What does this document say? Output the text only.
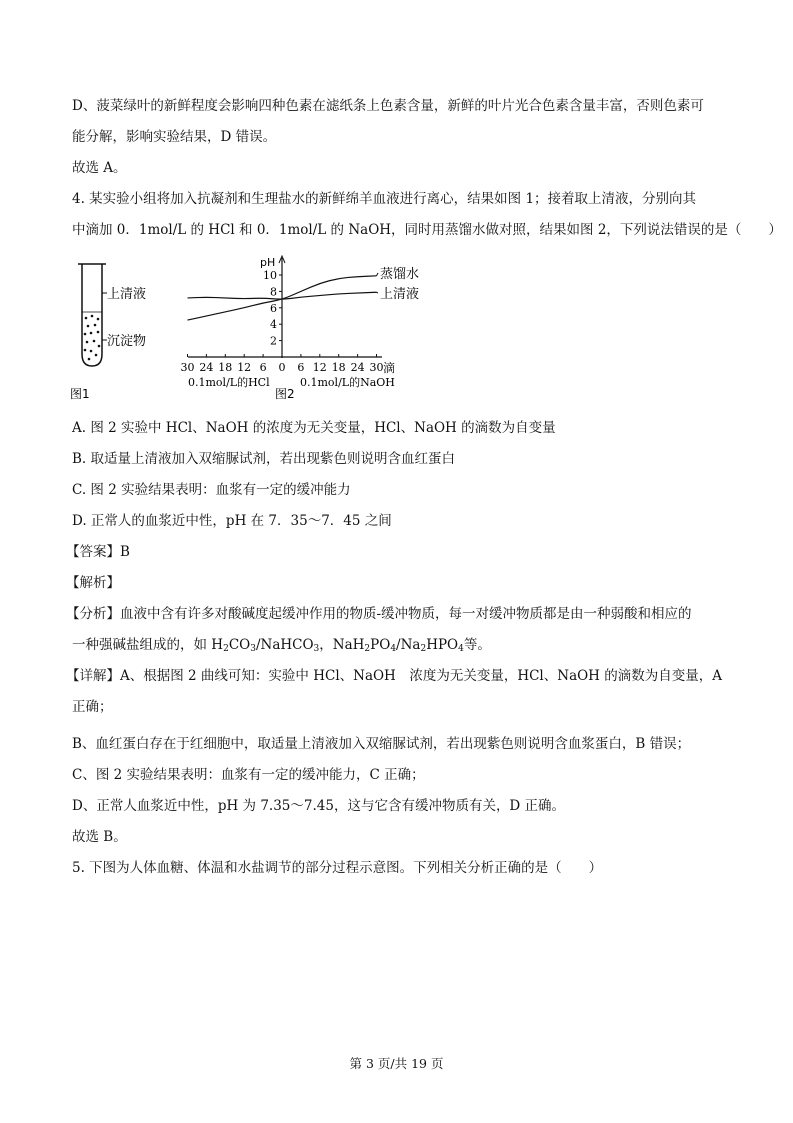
D、菠菜绿叶的新鲜程度会影响四种色素在滤纸条上色素含量，新鲜的叶片光合色素含量丰富，否则色素可

能分解，影响实验结果，D 错误。

故选 A。

4. 某实验小组将加入抗凝剂和生理盐水的新鲜绵羊血液进行离心，结果如图 1；接着取上清液，分别向其

中滴加 0．1mol/L 的 HCl 和 0．1mol/L 的 NaOH，同时用蒸馏水做对照，结果如图 2，下列说法错误的是（　　）

上清液
沉淀物
图1
pH
10
8
6
4
2
30 24 18 12 6 0 6 12 18 24 30 滴
0.1mol/L的HCl	0.1mol/L的NaOH
图2
蒸馏水
上清液

A. 图 2 实验中 HCl、NaOH 的浓度为无关变量，HCl、NaOH 的滴数为自变量

B. 取适量上清液加入双缩脲试剂，若出现紫色则说明含血红蛋白

C. 图 2 实验结果表明：血浆有一定的缓冲能力

D. 正常人的血浆近中性，pH 在 7．35～7．45 之间

【答案】B

【解析】

【分析】血液中含有许多对酸碱度起缓冲作用的物质-缓冲物质，每一对缓冲物质都是由一种弱酸和相应的

一种强碱盐组成的，如 $H_2CO_3/NaHCO_3$，$NaH_2PO_4/Na_2HPO_4$等。

【详解】A、根据图 2 曲线可知：实验中 HCl、NaOH　浓度为无关变量，HCl、NaOH 的滴数为自变量，A

正确；

B、血红蛋白存在于红细胞中，取适量上清液加入双缩脲试剂，若出现紫色则说明含血浆蛋白，B 错误；

C、图 2 实验结果表明：血浆有一定的缓冲能力，C 正确；

D、正常人血浆近中性，pH 为 7.35～7.45，这与它含有缓冲物质有关，D 正确。

故选 B。

5. 下图为人体血糖、体温和水盐调节的部分过程示意图。下列相关分析正确的是（　　）

第 3 页/共 19 页
